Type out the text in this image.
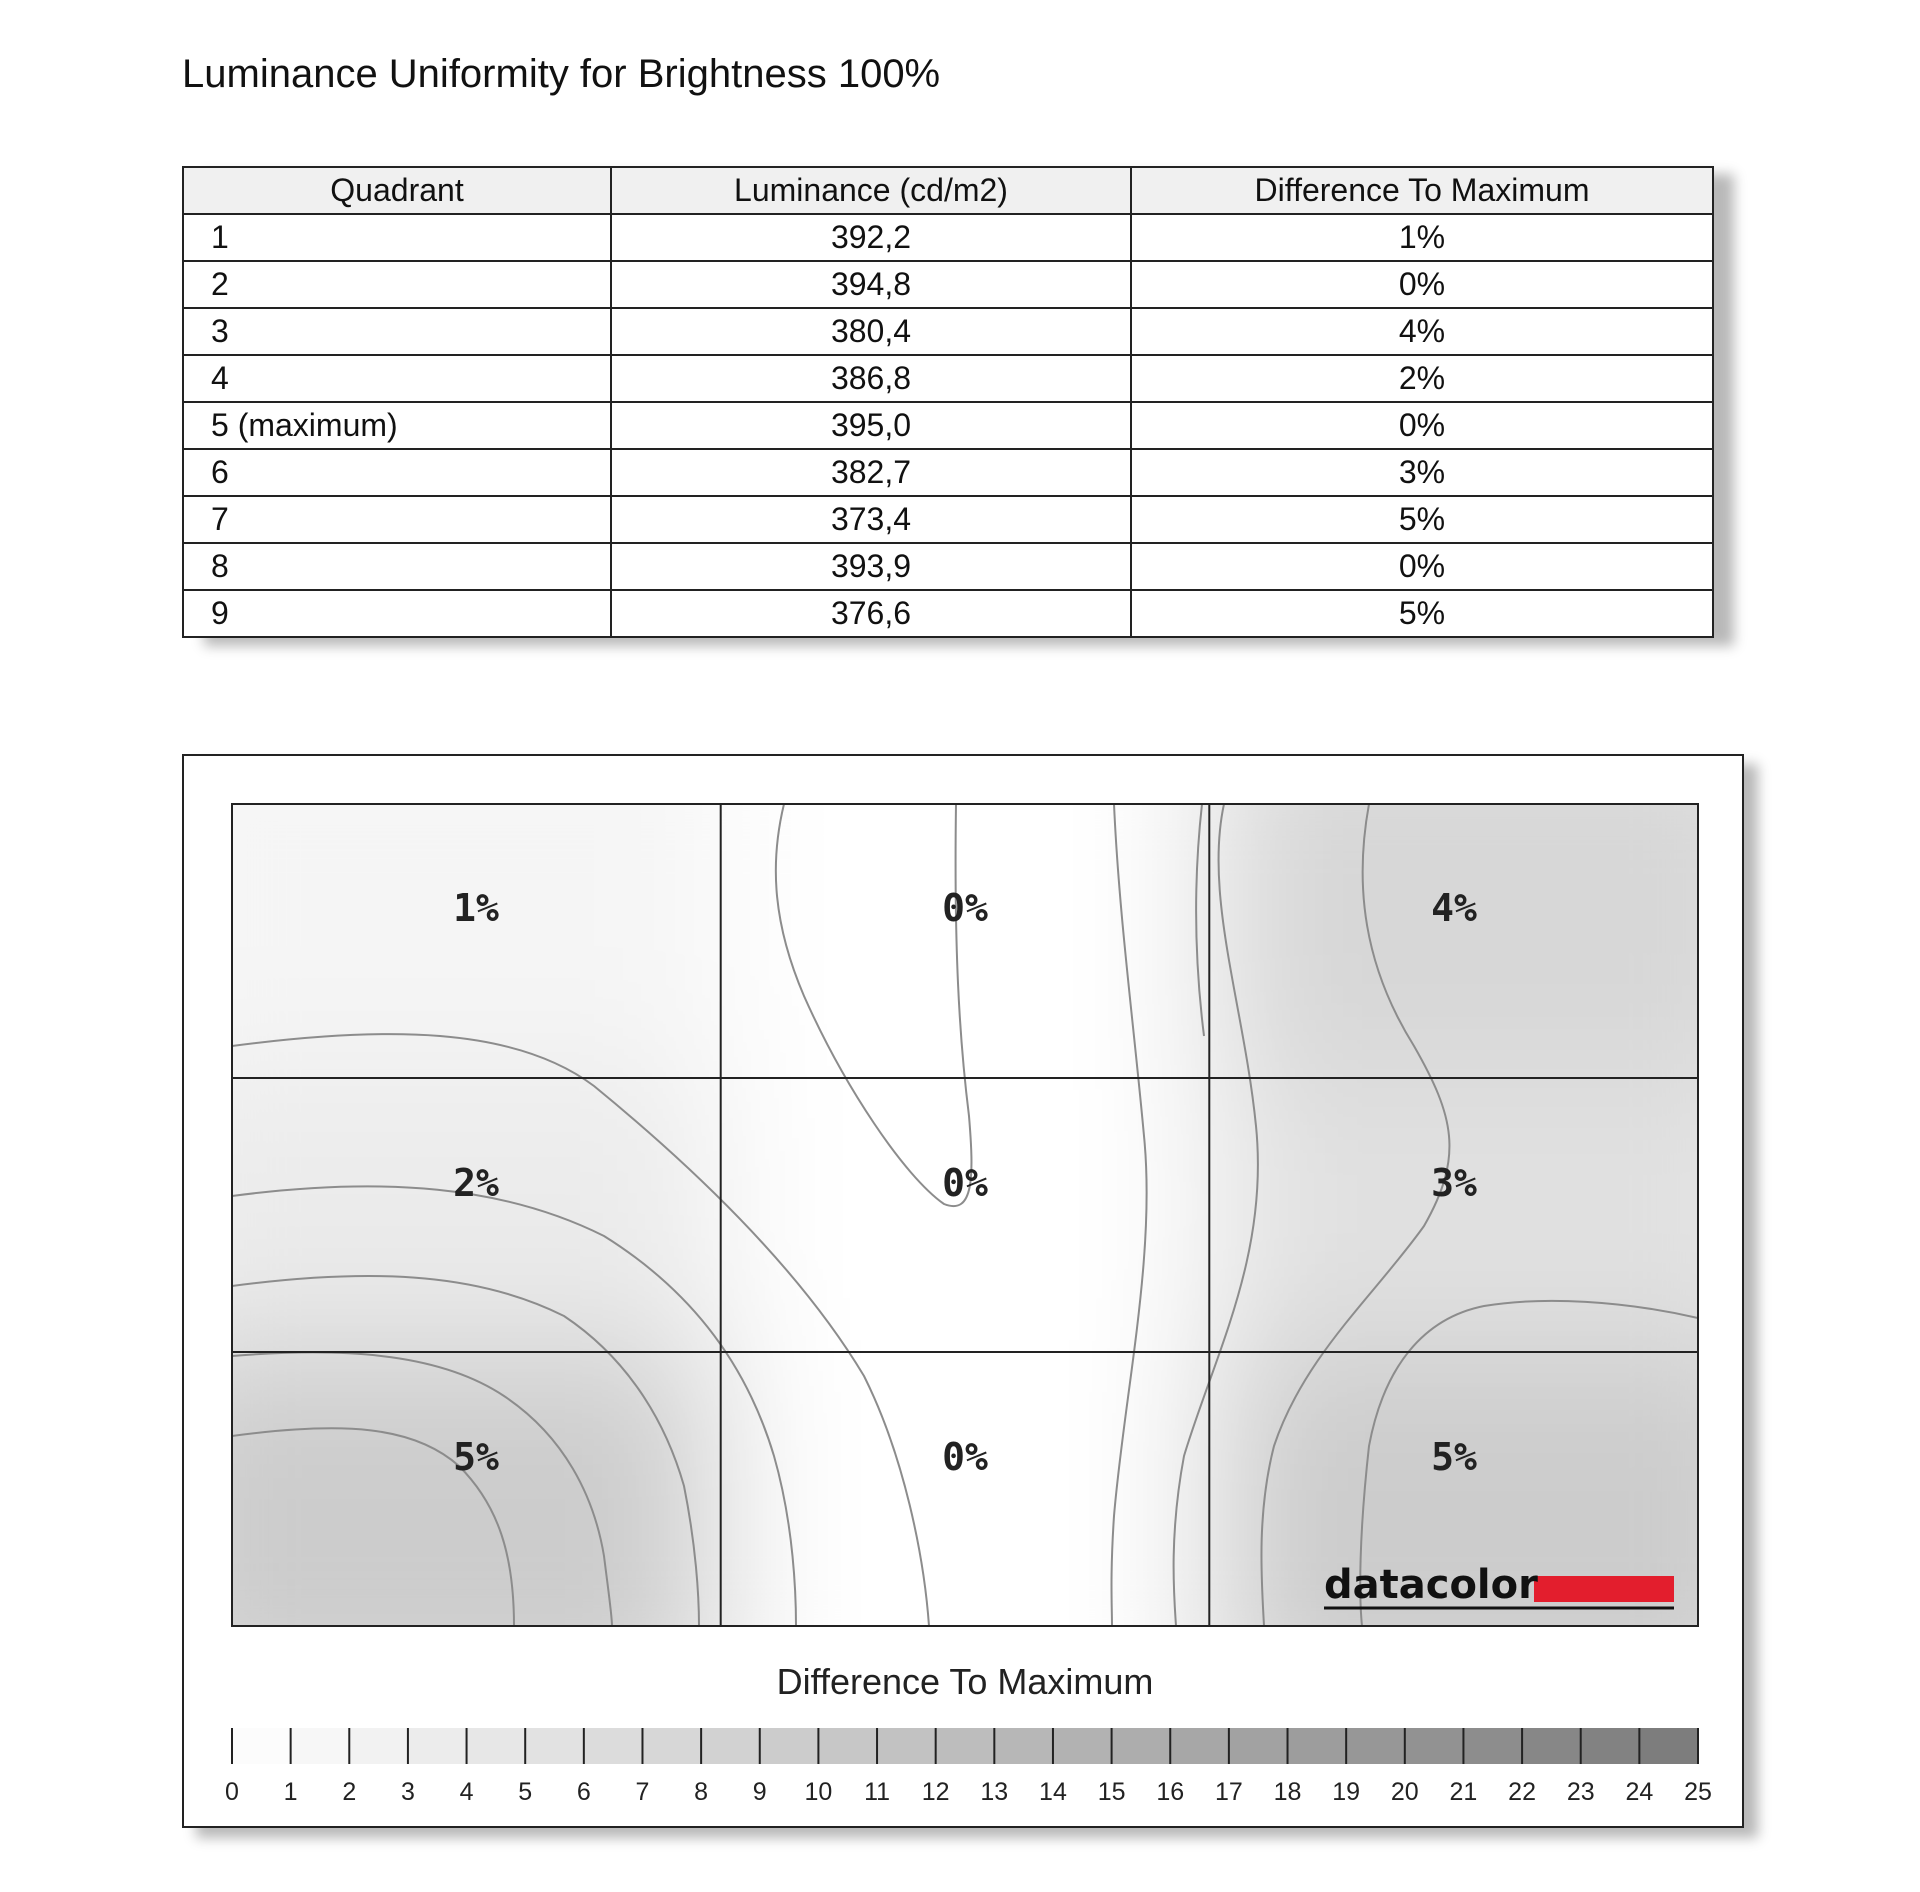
Luminance Uniformity for Brightness 100%
Quadrant	Luminance (cd/m2)	Difference To Maximum
1	392,2	1%
2	394,8	0%
3	380,4	4%
4	386,8	2%
5 (maximum)	395,0	0%
6	382,7	3%
7	373,4	5%
8	393,9	0%
9	376,6	5%
1%	0%	4%
2%	0%	3%
5%	0%	5%
datacolor
Difference To Maximum
0 1 2 3 4 5 6 7 8 9 10 11 12 13 14 15 16 17 18 19 20 21 22 23 24 25
